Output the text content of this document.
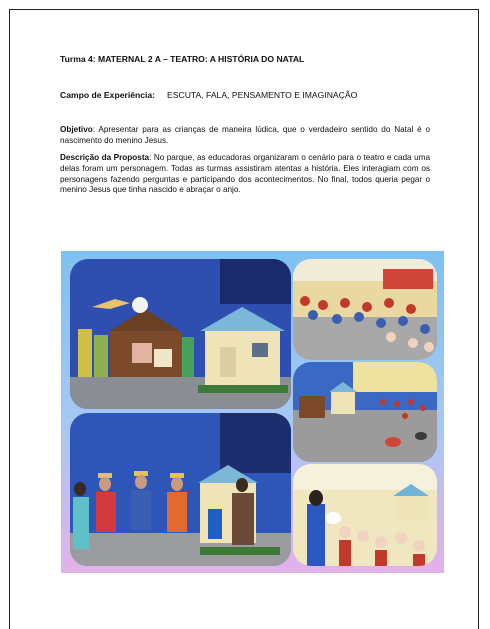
Turma 4: MATERNAL 2 A – TEATRO: A HISTÓRIA DO NATAL
Campo de Experiência: ESCUTA, FALA, PENSAMENTO E IMAGINAÇÃO
Objetivo: Apresentar para as crianças de maneira lúdica, que o verdadeiro sentido do Natal é o nascimento do menino Jesus.
Descrição da Proposta: No parque, as educadoras organizaram o cenário para o teatro e cada uma delas foram um personagem. Todas as turmas assistiram atentas a história. Eles interagiam com os personagens fazendo perguntas e participando dos acontecimentos. No final, todos queria pegar o menino Jesus que tinha nascido e abraçar o anjo.
